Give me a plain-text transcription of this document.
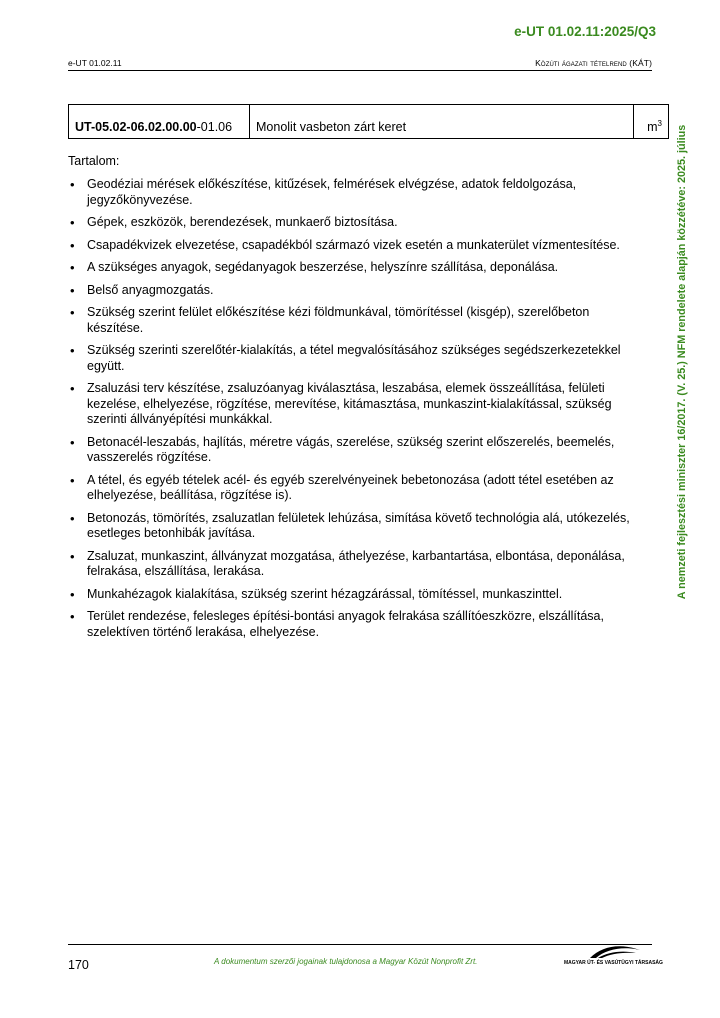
e-UT 01.02.11:2025/Q3
e-UT 01.02.11	Közúti ágazati tételrend (KÁT)
UT-05.02-06.02.00.00-01.06	Monolit vasbeton zárt keret	$m^3$
Tartalom:
• Geodéziai mérések előkészítése, kitűzések, felmérések elvégzése, adatok feldolgozása, jegyzőkönyvezése.
• Gépek, eszközök, berendezések, munkaerő biztosítása.
• Csapadékvizek elvezetése, csapadékból származó vizek esetén a munkaterület vízmentesítése.
• A szükséges anyagok, segédanyagok beszerzése, helyszínre szállítása, deponálása.
• Belső anyagmozgatás.
• Szükség szerint felület előkészítése kézi földmunkával, tömörítéssel (kisgép), szerelőbeton készítése.
• Szükség szerinti szerelőtér-kialakítás, a tétel megvalósításához szükséges segédszerkezetekkel együtt.
• Zsaluzási terv készítése, zsaluzóanyag kiválasztása, leszabása, elemek összeállítása, felületi kezelése, elhelyezése, rögzítése, merevítése, kitámasztása, munkaszint-kialakítással, szükség szerinti állványépítési munkákkal.
• Betonacél-leszabás, hajlítás, méretre vágás, szerelése, szükség szerint előszerelés, beemelés, vasszerelés rögzítése.
• A tétel, és egyéb tételek acél- és egyéb szerelvényeinek bebetonozása (adott tétel esetében az elhelyezése, beállítása, rögzítése is).
• Betonozás, tömörítés, zsaluzatlan felületek lehúzása, simítása követő technológia alá, utókezelés, esetleges betonhibák javítása.
• Zsaluzat, munkaszint, állványzat mozgatása, áthelyezése, karbantartása, elbontása, deponálása, felrakása, elszállítása, lerakása.
• Munkahézagok kialakítása, szükség szerint hézagzárással, tömítéssel, munkaszinttel.
• Terület rendezése, felesleges építési-bontási anyagok felrakása szállítóeszközre, elszállítása, szelektíven történő lerakása, elhelyezése.
A nemzeti fejlesztési miniszter 16/2017. (V. 25.) NFM rendelete alapján közzétéve: 2025. július
170	A dokumentum szerzői jogainak tulajdonosa a Magyar Közút Nonprofit Zrt.	MAGYAR ÚT- ÉS VASÚTÜGYI TÁRSASÁG
